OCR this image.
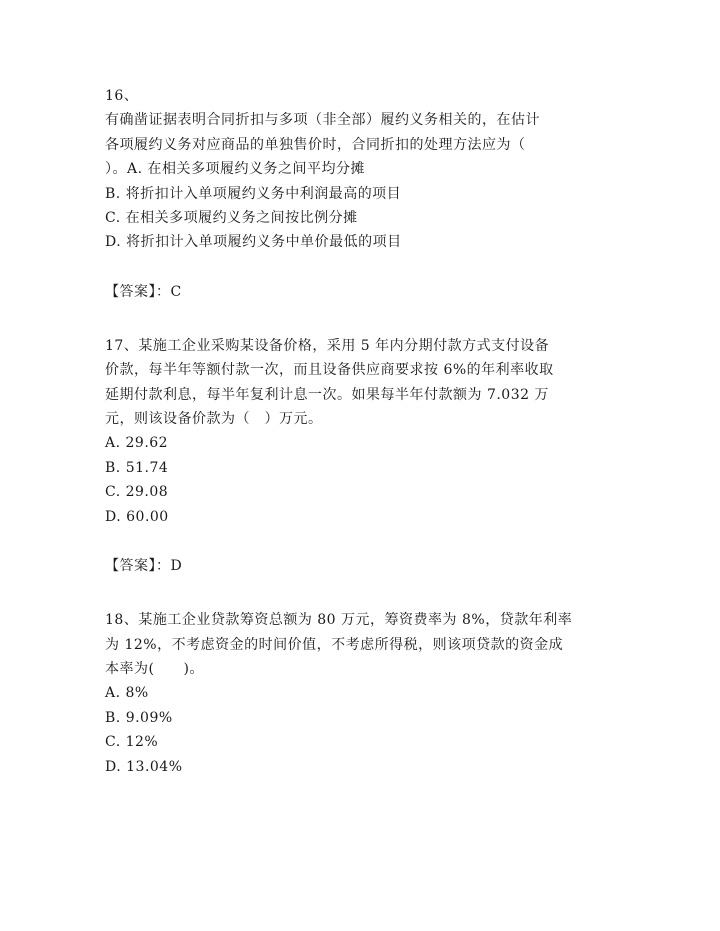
16、
有确凿证据表明合同折扣与多项（非全部）履约义务相关的，在估计
各项履约义务对应商品的单独售价时，合同折扣的处理方法应为（
）。A. 在相关多项履约义务之间平均分摊
B. 将折扣计入单项履约义务中利润最高的项目
C. 在相关多项履约义务之间按比例分摊
D. 将折扣计入单项履约义务中单价最低的项目
【答案】：C
17、某施工企业采购某设备价格，采用 5 年内分期付款方式支付设备
价款，每半年等额付款一次，而且设备供应商要求按 6%的年利率收取
延期付款利息，每半年复利计息一次。如果每半年付款额为 7.032 万
元，则该设备价款为（　）万元。
A. 29.62
B. 51.74
C. 29.08
D. 60.00
【答案】：D
18、某施工企业贷款筹资总额为 80 万元，筹资费率为 8%，贷款年利率
为 12%，不考虑资金的时间价值，不考虑所得税，则该项贷款的资金成
本率为(　　)。
A. 8%
B. 9.09%
C. 12%
D. 13.04%
